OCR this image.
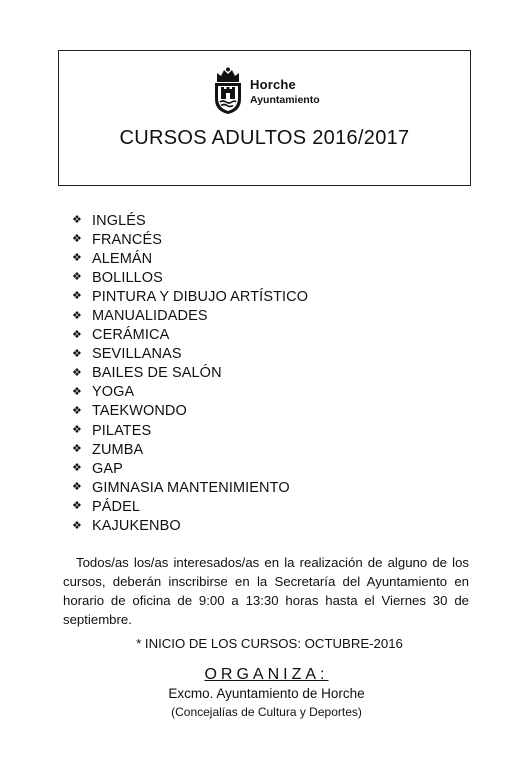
Horche
Ayuntamiento
CURSOS ADULTOS 2016/2017
❖ INGLÉS
❖ FRANCÉS
❖ ALEMÁN
❖ BOLILLOS
❖ PINTURA Y DIBUJO ARTÍSTICO
❖ MANUALIDADES
❖ CERÁMICA
❖ SEVILLANAS
❖ BAILES DE SALÓN
❖ YOGA
❖ TAEKWONDO
❖ PILATES
❖ ZUMBA
❖ GAP
❖ GIMNASIA MANTENIMIENTO
❖ PÁDEL
❖ KAJUKENBO

Todos/as los/as interesados/as en la realización de alguno de los cursos, deberán inscribirse en la Secretaría del Ayuntamiento en horario de oficina de 9:00 a 13:30 horas hasta el Viernes 30 de septiembre.

* INICIO DE LOS CURSOS: OCTUBRE-2016
ORGANIZA:
Excmo. Ayuntamiento de Horche
(Concejalías de Cultura y Deportes)
